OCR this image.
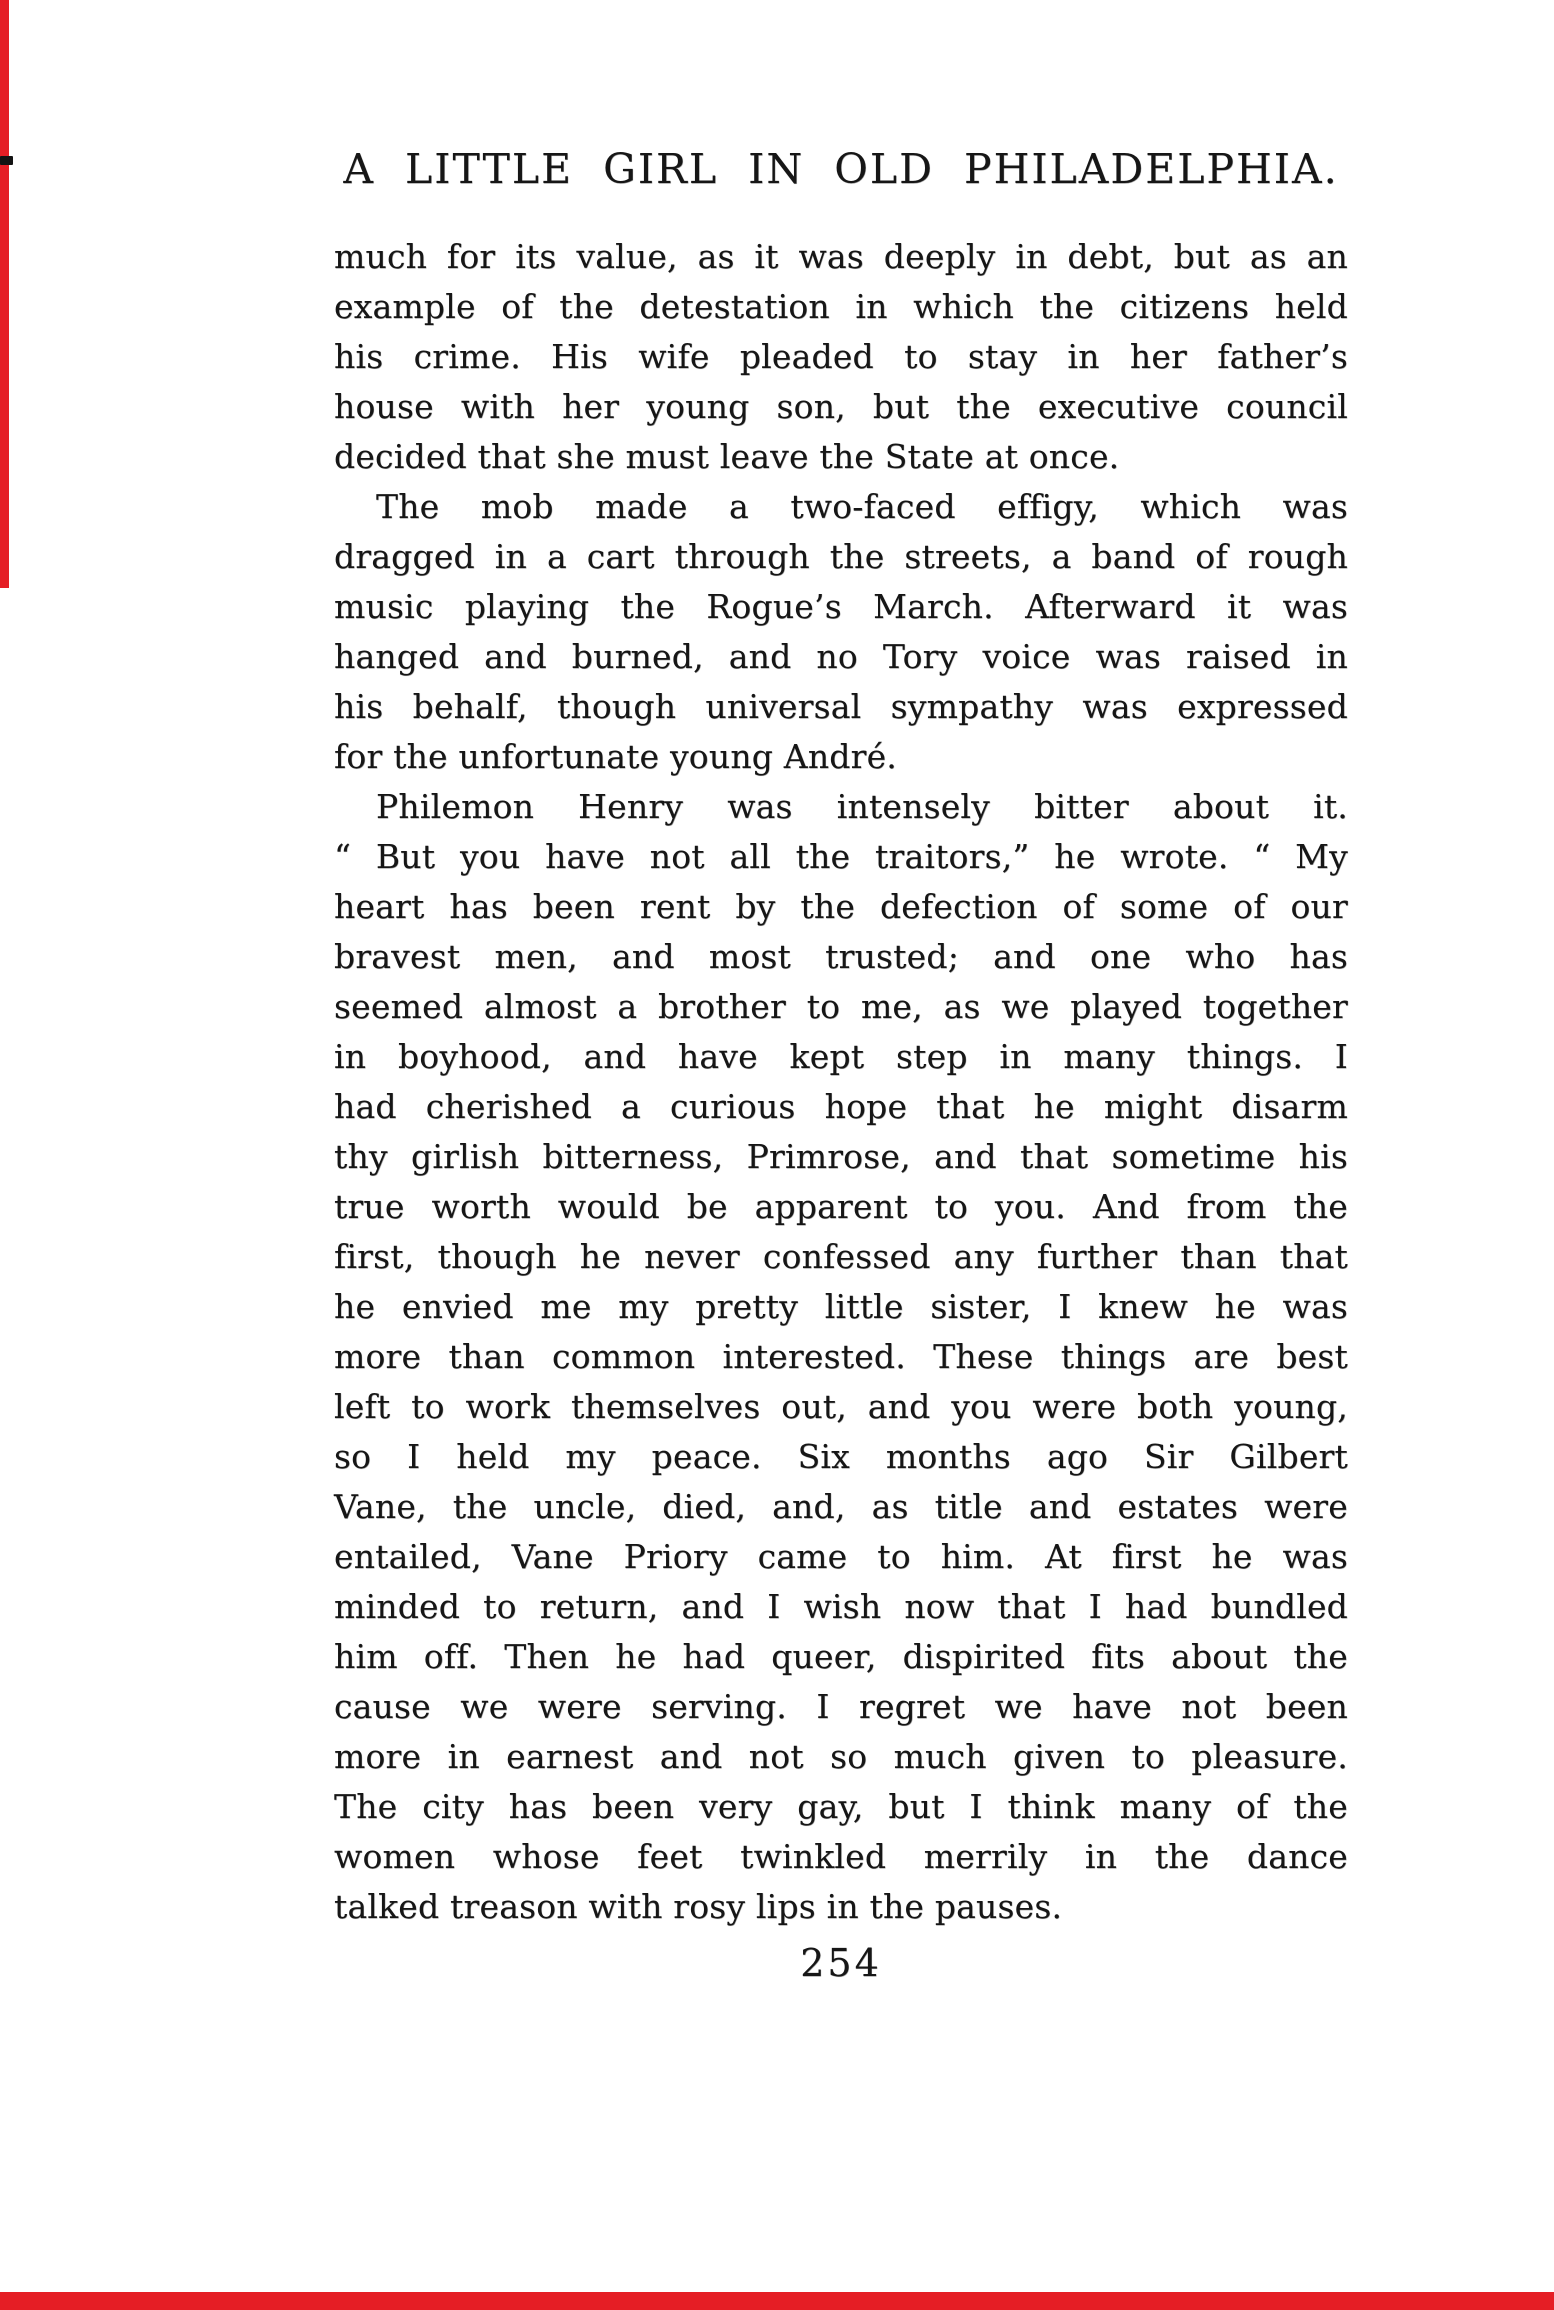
A LITTLE GIRL IN OLD PHILADELPHIA.
much for its value, as it was deeply in debt, but as an
example of the detestation in which the citizens held
his crime. His wife pleaded to stay in her father’s
house with her young son, but the executive council
decided that she must leave the State at once.
The mob made a two-faced effigy, which was
dragged in a cart through the streets, a band of rough
music playing the Rogue’s March. Afterward it was
hanged and burned, and no Tory voice was raised in
his behalf, though universal sympathy was expressed
for the unfortunate young André.
Philemon Henry was intensely bitter about it.
“ But you have not all the traitors,” he wrote. “ My
heart has been rent by the defection of some of our
bravest men, and most trusted; and one who has
seemed almost a brother to me, as we played together
in boyhood, and have kept step in many things. I
had cherished a curious hope that he might disarm
thy girlish bitterness, Primrose, and that sometime his
true worth would be apparent to you. And from the
first, though he never confessed any further than that
he envied me my pretty little sister, I knew he was
more than common interested. These things are best
left to work themselves out, and you were both young,
so I held my peace. Six months ago Sir Gilbert
Vane, the uncle, died, and, as title and estates were
entailed, Vane Priory came to him. At first he was
minded to return, and I wish now that I had bundled
him off. Then he had queer, dispirited fits about the
cause we were serving. I regret we have not been
more in earnest and not so much given to pleasure.
The city has been very gay, but I think many of the
women whose feet twinkled merrily in the dance
talked treason with rosy lips in the pauses.
254
